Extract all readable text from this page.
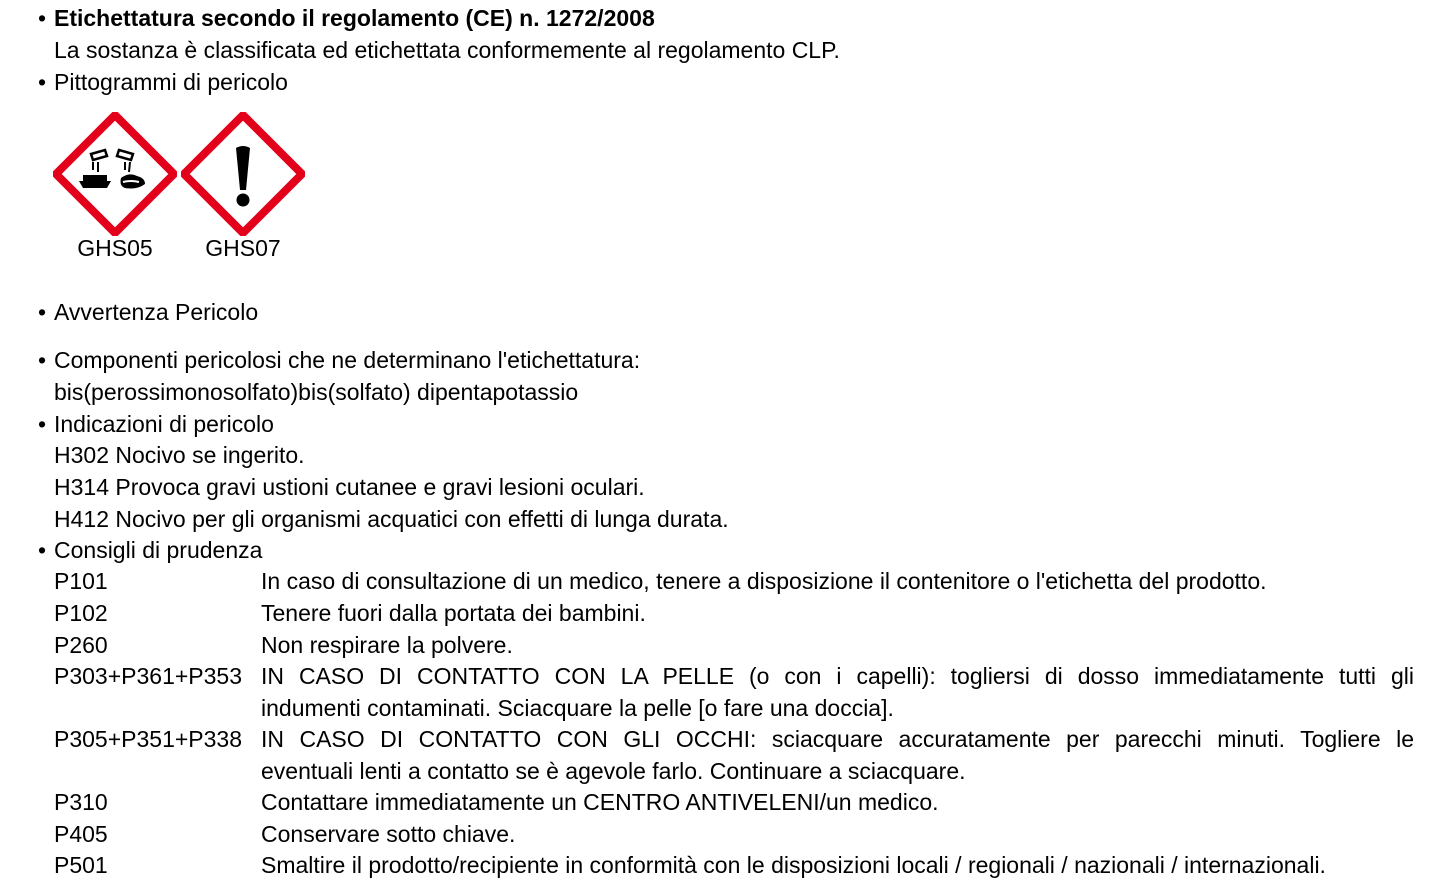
• Etichettatura secondo il regolamento (CE) n. 1272/2008
La sostanza è classificata ed etichettata conformemente al regolamento CLP.
• Pittogrammi di pericolo
GHS05	GHS07
• Avvertenza Pericolo
• Componenti pericolosi che ne determinano l'etichettatura:
bis(perossimonosolfato)bis(solfato) dipentapotassio
• Indicazioni di pericolo
H302 Nocivo se ingerito.
H314 Provoca gravi ustioni cutanee e gravi lesioni oculari.
H412 Nocivo per gli organismi acquatici con effetti di lunga durata.
• Consigli di prudenza
P101	In caso di consultazione di un medico, tenere a disposizione il contenitore o l'etichetta del prodotto.
P102	Tenere fuori dalla portata dei bambini.
P260	Non respirare la polvere.
P303+P361+P353 IN CASO DI CONTATTO CON LA PELLE (o con i capelli): togliersi di dosso immediatamente tutti gli
indumenti contaminati. Sciacquare la pelle [o fare una doccia].
P305+P351+P338 IN CASO DI CONTATTO CON GLI OCCHI: sciacquare accuratamente per parecchi minuti. Togliere le
eventuali lenti a contatto se è agevole farlo. Continuare a sciacquare.
P310	Contattare immediatamente un CENTRO ANTIVELENI/un medico.
P405	Conservare sotto chiave.
P501	Smaltire il prodotto/recipiente in conformità con le disposizioni locali / regionali / nazionali / internazionali.
